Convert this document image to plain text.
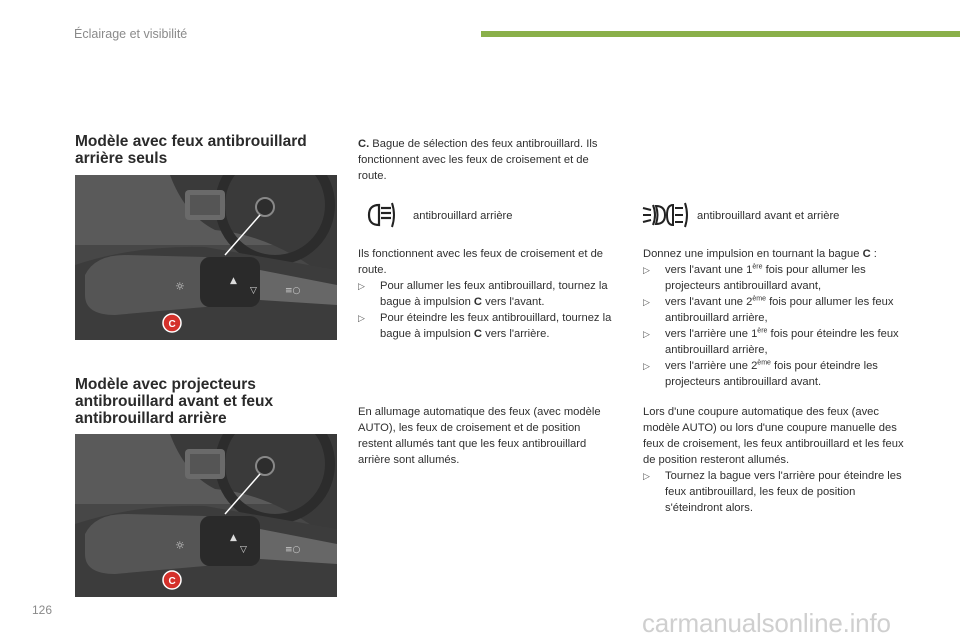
Éclairage et visibilité
Modèle avec feux antibrouillard arrière seuls
☼	▲
▽	≡○
C
Modèle avec projecteurs antibrouillard avant et feux antibrouillard arrière
☼
▲
▽	≡○
C

C. Bague de sélection des feux antibrouillard. Ils fonctionnent avec les feux de croisement et de route.

antibrouillard arrière

Ils fonctionnent avec les feux de croisement et de route.

▷ Pour allumer les feux antibrouillard, tournez la bague à impulsion C vers l'avant.
▷ Pour éteindre les feux antibrouillard, tournez la bague à impulsion C vers l'arrière.
En allumage automatique des feux (avec modèle AUTO), les feux de croisement et de position restent allumés tant que les feux antibrouillard arrière sont allumés.
antibrouillard avant et arrière

Donnez une impulsion en tournant la bague C :

▷ vers l'avant une 1ère fois pour allumer les projecteurs antibrouillard avant,
▷ vers l'avant une 2ème fois pour allumer les feux antibrouillard arrière,
▷ vers l'arrière une 1ère fois pour éteindre les feux antibrouillard arrière,
▷ vers l'arrière une 2ème fois pour éteindre les projecteurs antibrouillard avant.

Lors d'une coupure automatique des feux (avec modèle AUTO) ou lors d'une coupure manuelle des feux de croisement, les feux antibrouillard et les feux de position resteront allumés.

▷ Tournez la bague vers l'arrière pour éteindre les feux antibrouillard, les feux de position s'éteindront alors.
126	carmanualsonline.info
